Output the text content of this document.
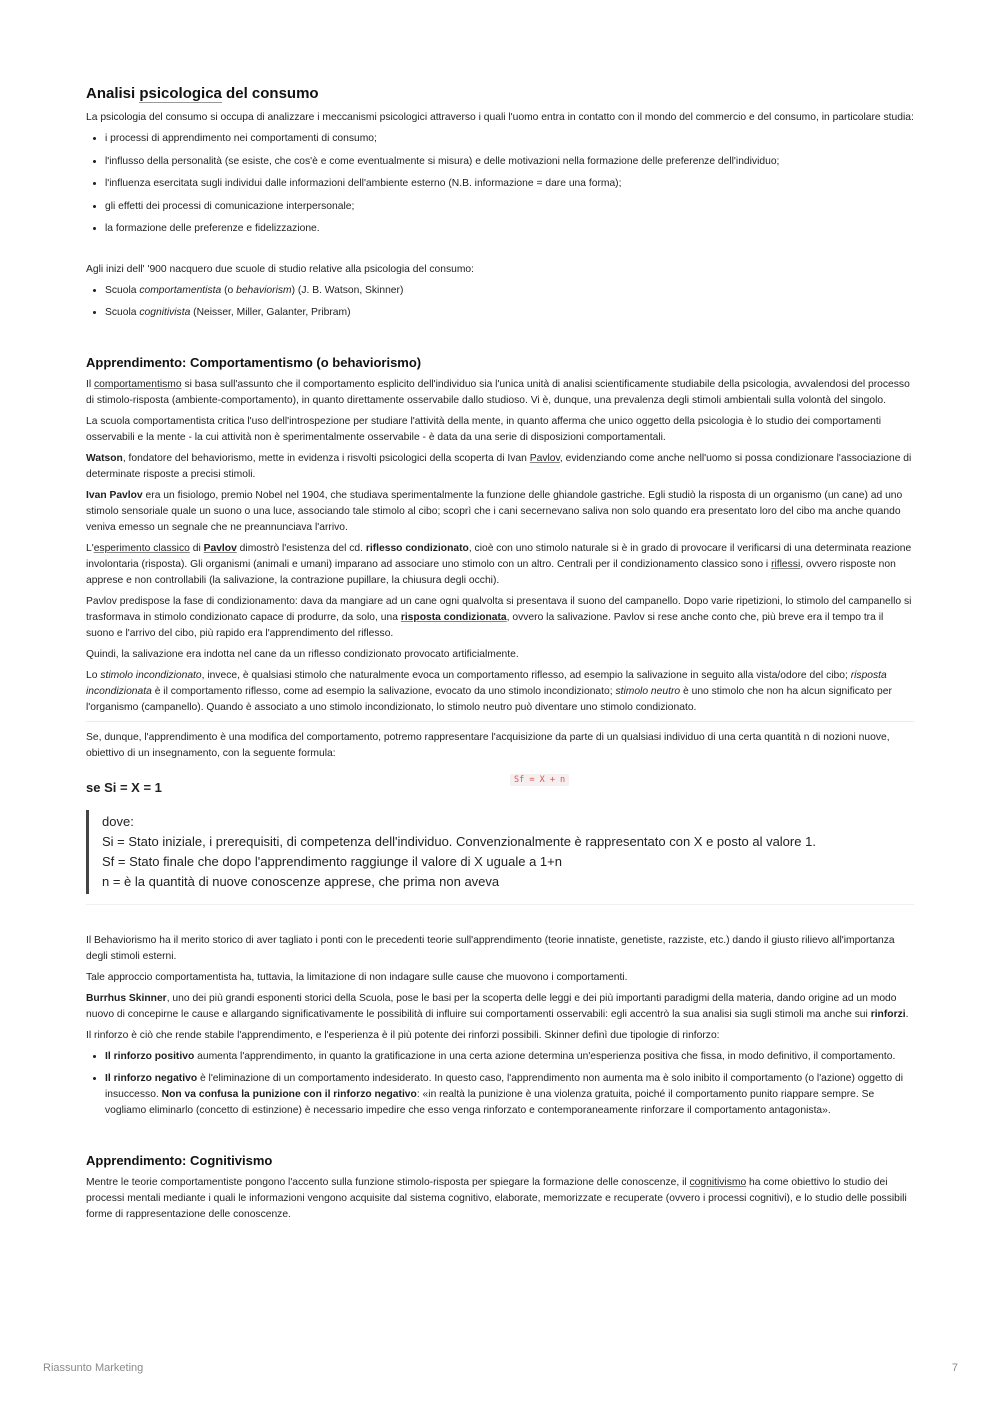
Analisi psicologica del consumo

La psicologia del consumo si occupa di analizzare i meccanismi psicologici attraverso i quali l'uomo entra in contatto con il mondo del commercio e del consumo, in particolare studia:

• i processi di apprendimento nei comportamenti di consumo;
• l'influsso della personalità (se esiste, che cos'è e come eventualmente si misura) e delle motivazioni nella formazione delle preferenze dell'individuo;
• l'influenza esercitata sugli individui dalle informazioni dell'ambiente esterno (N.B. informazione = dare una forma);
• gli effetti dei processi di comunicazione interpersonale;
• la formazione delle preferenze e fidelizzazione.

Agli inizi dell' '900 nacquero due scuole di studio relative alla psicologia del consumo:

• Scuola comportamentista (o behaviorism) (J. B. Watson, Skinner)
• Scuola cognitivista (Neisser, Miller, Galanter, Pribram)
Apprendimento: Comportamentismo (o behaviorismo)

Il comportamentismo si basa sull'assunto che il comportamento esplicito dell'individuo sia l'unica unità di analisi scientificamente studiabile della psicologia, avvalendosi del processo di stimolo-risposta (ambiente-comportamento), in quanto direttamente osservabile dallo studioso. Vi è, dunque, una prevalenza degli stimoli ambientali sulla volontà del singolo.

La scuola comportamentista critica l'uso dell'introspezione per studiare l'attività della mente, in quanto afferma che unico oggetto della psicologia è lo studio dei comportamenti osservabili e la mente - la cui attività non è sperimentalmente osservabile - è data da una serie di disposizioni comportamentali.

Watson, fondatore del behaviorismo, mette in evidenza i risvolti psicologici della scoperta di Ivan Pavlov, evidenziando come anche nell'uomo si possa condizionare l'associazione di determinate risposte a precisi stimoli.

Ivan Pavlov era un fisiologo, premio Nobel nel 1904, che studiava sperimentalmente la funzione delle ghiandole gastriche. Egli studiò la risposta di un organismo (un cane) ad uno stimolo sensoriale quale un suono o una luce, associando tale stimolo al cibo; scoprì che i cani secernevano saliva non solo quando era presentato loro del cibo ma anche quando veniva emesso un segnale che ne preannunciava l'arrivo.

L'esperimento classico di Pavlov dimostrò l'esistenza del cd. riflesso condizionato, cioè con uno stimolo naturale si è in grado di provocare il verificarsi di una determinata reazione involontaria (risposta). Gli organismi (animali e umani) imparano ad associare uno stimolo con un altro. Centrali per il condizionamento classico sono i riflessi, ovvero risposte non apprese e non controllabili (la salivazione, la contrazione pupillare, la chiusura degli occhi).

Pavlov predispose la fase di condizionamento: dava da mangiare ad un cane ogni qualvolta si presentava il suono del campanello. Dopo varie ripetizioni, lo stimolo del campanello si trasformava in stimolo condizionato capace di produrre, da solo, una risposta condizionata, ovvero la salivazione. Pavlov si rese anche conto che, più breve era il tempo tra il suono e l'arrivo del cibo, più rapido era l'apprendimento del riflesso.

Quindi, la salivazione era indotta nel cane da un riflesso condizionato provocato artificialmente.

Lo stimolo incondizionato, invece, è qualsiasi stimolo che naturalmente evoca un comportamento riflesso, ad esempio la salivazione in seguito alla vista/odore del cibo; risposta incondizionata è il comportamento riflesso, come ad esempio la salivazione, evocato da uno stimolo incondizionato; stimolo neutro è uno stimolo che non ha alcun significato per l'organismo (campanello). Quando è associato a uno stimolo incondizionato, lo stimolo neutro può diventare uno stimolo condizionato.

Se, dunque, l'apprendimento è una modifica del comportamento, potremo rappresentare l'acquisizione da parte di un qualsiasi individuo di una certa quantità n di nozioni nuove, obiettivo di un insegnamento, con la seguente formula:

se Si = X = 1	Sf = X + n
dove:
Si = Stato iniziale, i prerequisiti, di competenza dell'individuo. Convenzionalmente è rappresentato con X e posto al valore 1.
Sf = Stato finale che dopo l'apprendimento raggiunge il valore di X uguale a 1+n
n = è la quantità di nuove conoscenze apprese, che prima non aveva

Il Behaviorismo ha il merito storico di aver tagliato i ponti con le precedenti teorie sull'apprendimento (teorie innatiste, genetiste, razziste, etc.) dando il giusto rilievo all'importanza degli stimoli esterni.

Tale approccio comportamentista ha, tuttavia, la limitazione di non indagare sulle cause che muovono i comportamenti.

Burrhus Skinner, uno dei più grandi esponenti storici della Scuola, pose le basi per la scoperta delle leggi e dei più importanti paradigmi della materia, dando origine ad un modo nuovo di concepirne le cause e allargando significativamente le possibilità di influire sui comportamenti osservabili: egli accentrò la sua analisi sia sugli stimoli ma anche sui rinforzi.

Il rinforzo è ciò che rende stabile l'apprendimento, e l'esperienza è il più potente dei rinforzi possibili. Skinner definì due tipologie di rinforzo:

• Il rinforzo positivo aumenta l'apprendimento, in quanto la gratificazione in una certa azione determina un'esperienza positiva che fissa, in modo definitivo, il comportamento.
• Il rinforzo negativo è l'eliminazione di un comportamento indesiderato. In questo caso, l'apprendimento non aumenta ma è solo inibito il comportamento (o l'azione) oggetto di insuccesso. Non va confusa la punizione con il rinforzo negativo: «in realtà la punizione è una violenza gratuita, poiché il comportamento punito riappare sempre. Se vogliamo eliminarlo (concetto di estinzione) è necessario impedire che esso venga rinforzato e contemporaneamente rinforzare il comportamento antagonista».
Apprendimento: Cognitivismo

Mentre le teorie comportamentiste pongono l'accento sulla funzione stimolo-risposta per spiegare la formazione delle conoscenze, il cognitivismo ha come obiettivo lo studio dei processi mentali mediante i quali le informazioni vengono acquisite dal sistema cognitivo, elaborate, memorizzate e recuperate (ovvero i processi cognitivi), e lo studio delle possibili forme di rappresentazione delle conoscenze.

Riassunto Marketing	7
